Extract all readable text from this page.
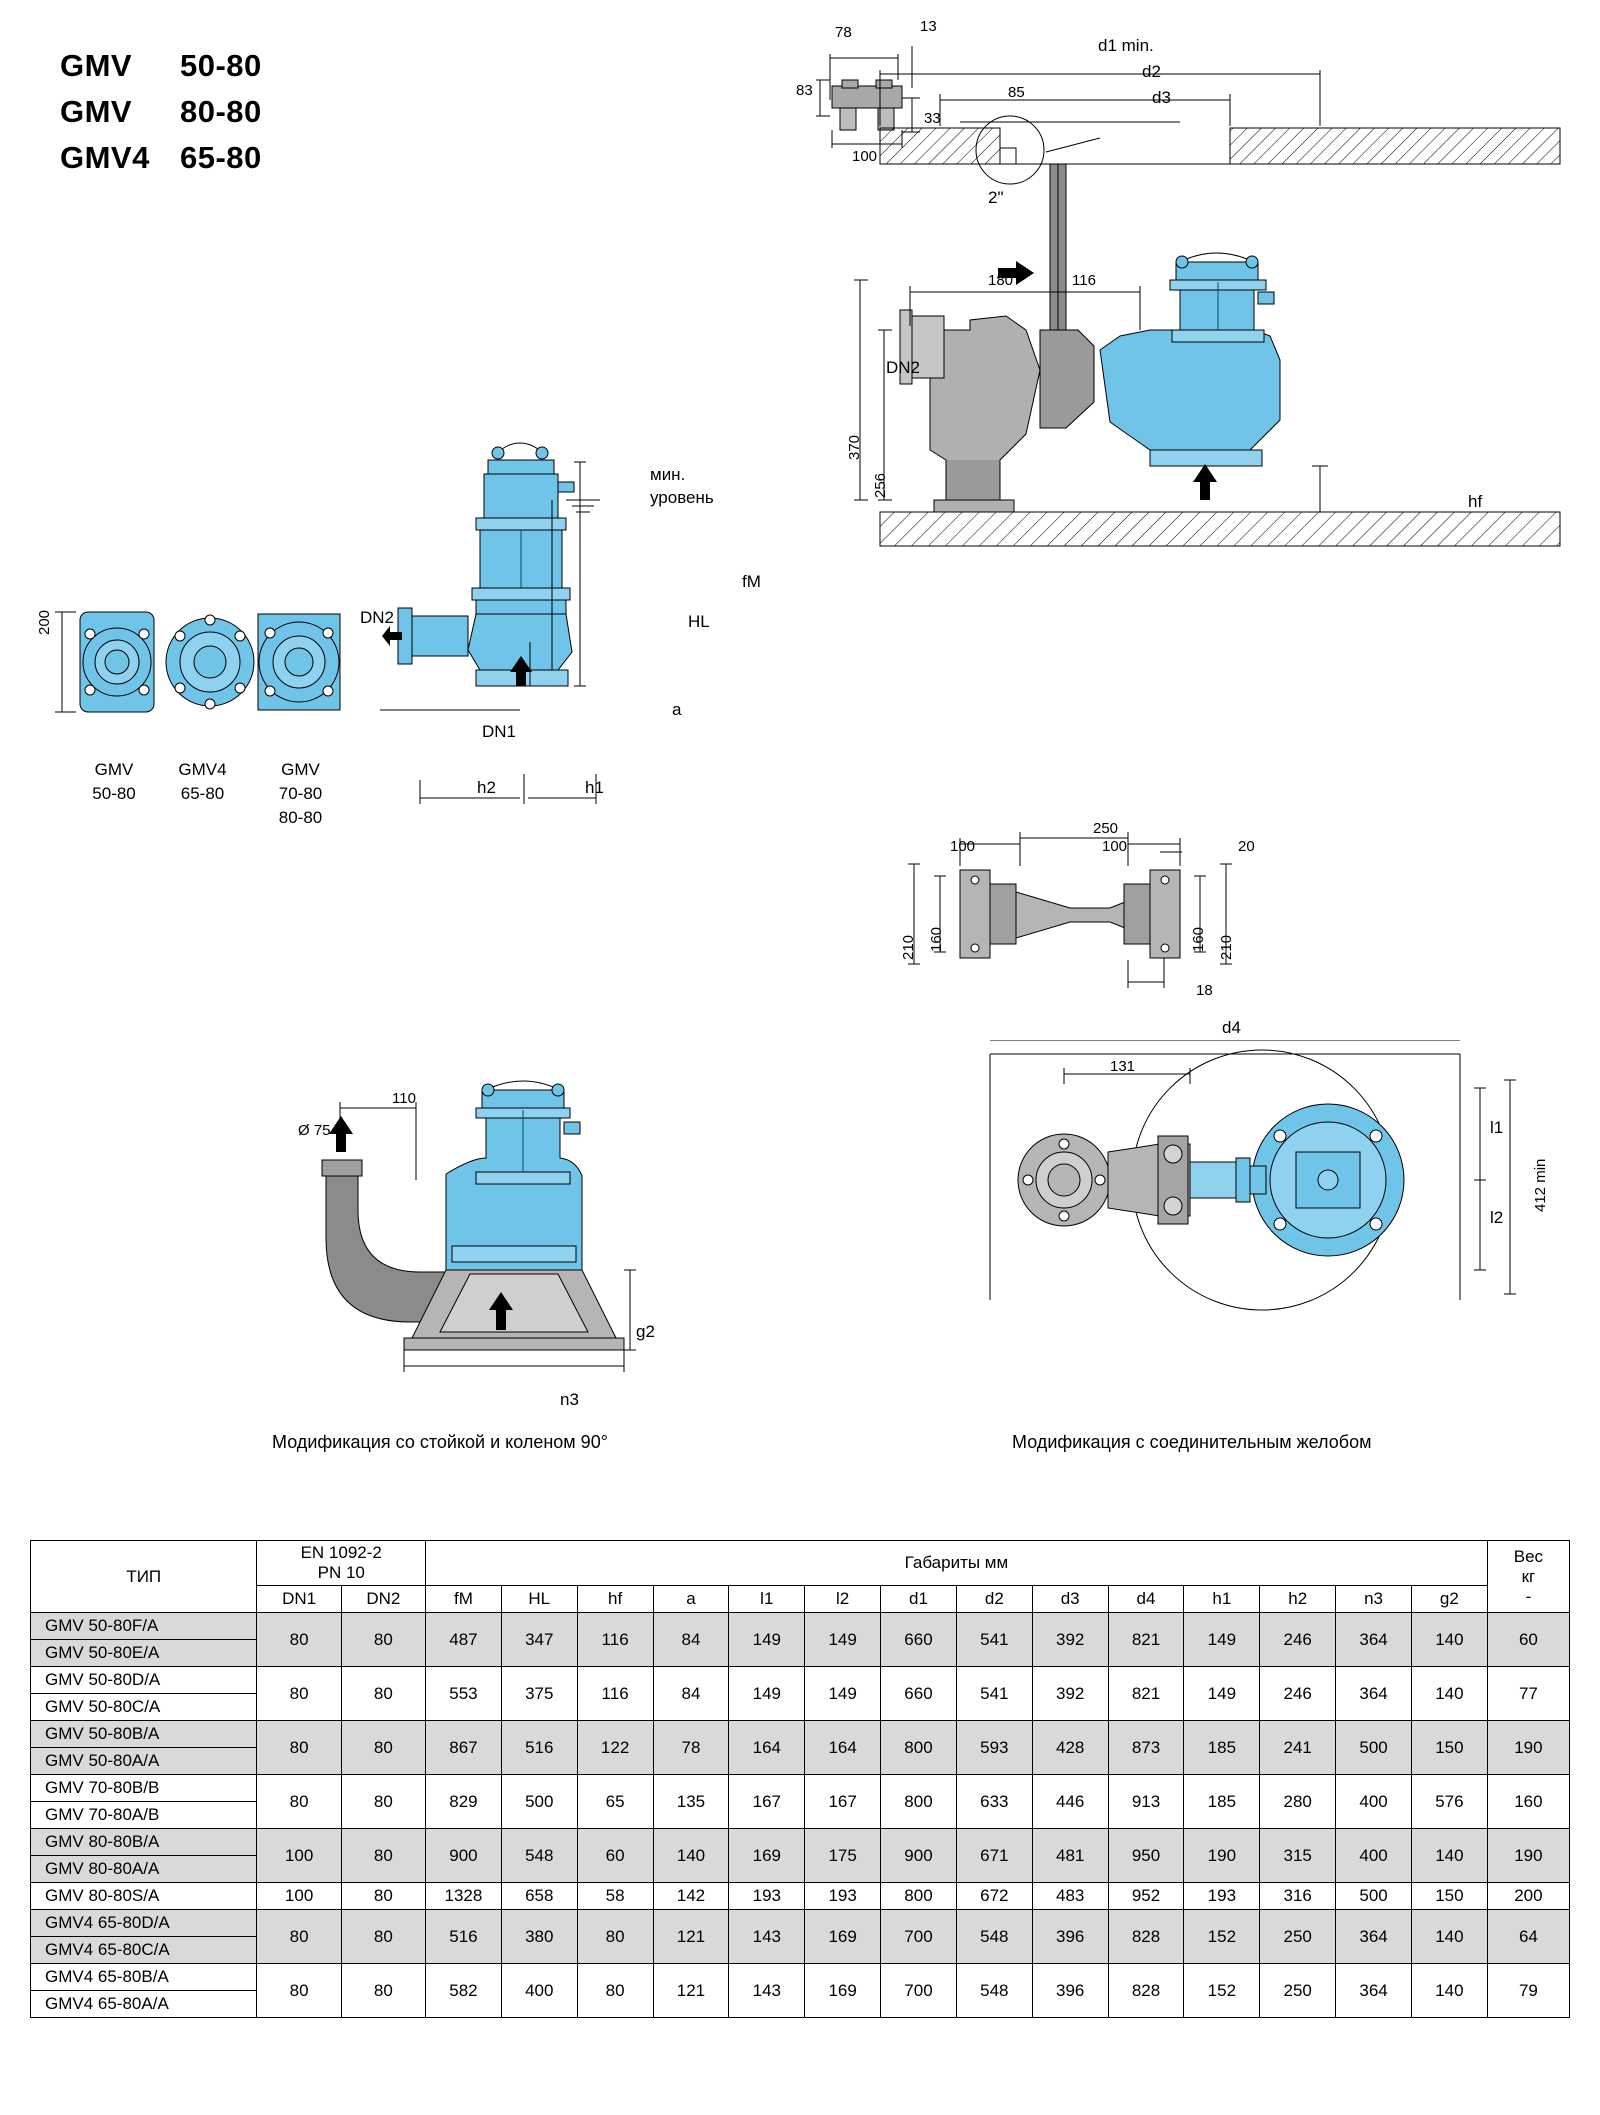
GMV	50-80
GMV	80-80
GMV4 65-80
78	13
83
33
100
200
GMV
50-80
GMV4
65-80
GMV
70-80
80-80
мин.
уровень
fM
HL
a
DN1
h2	h1
DN2
d1 min.
d2
d3
85
2"
180	116
DN2
370
256
hf
250
100	100	20
210 160	160 210
18
110
Ø 75
g2
n3
Модификация со стойкой и коленом 90°
d4
131
l1
l2
412 min
Модификация с соединительным желобом
ТИП	
EN 1092-2
PN 10
	Габариты мм	Вес
кг
-

	DN1	DN2	fM	HL	hf	a	l1	l2	d1	d2	d3	d4	h1	h2	n3	g2	
GMV 50-80F/A	80	80	487	347	116	84	149	149	660	541	392	821	149	246	364	140	60
GMV 50-80E/A																	
GMV 50-80D/A	80	80	553	375	116	84	149	149	660	541	392	821	149	246	364	140	77
GMV 50-80C/A																	
GMV 50-80B/A	80	80	867	516	122	78	164	164	800	593	428	873	185	241	500	150	190
GMV 50-80A/A																	
GMV 70-80B/B	80	80	829	500	65	135	167	167	800	633	446	913	185	280	400	576	160
GMV 70-80A/B																	
GMV 80-80B/A	100	80	900	548	60	140	169	175	900	671	481	950	190	315	400	140	190
GMV 80-80A/A																	
GMV 80-80S/A	100	80	1328	658	58	142	193	193	800	672	483	952	193	316	500	150	200
GMV4 65-80D/A	80	80	516	380	80	121	143	169	700	548	396	828	152	250	364	140	64
GMV4 65-80C/A																	
GMV4 65-80B/A	80	80	582	400	80	121	143	169	700	548	396	828	152	250	364	140	79
GMV4 65-80A/A																	
